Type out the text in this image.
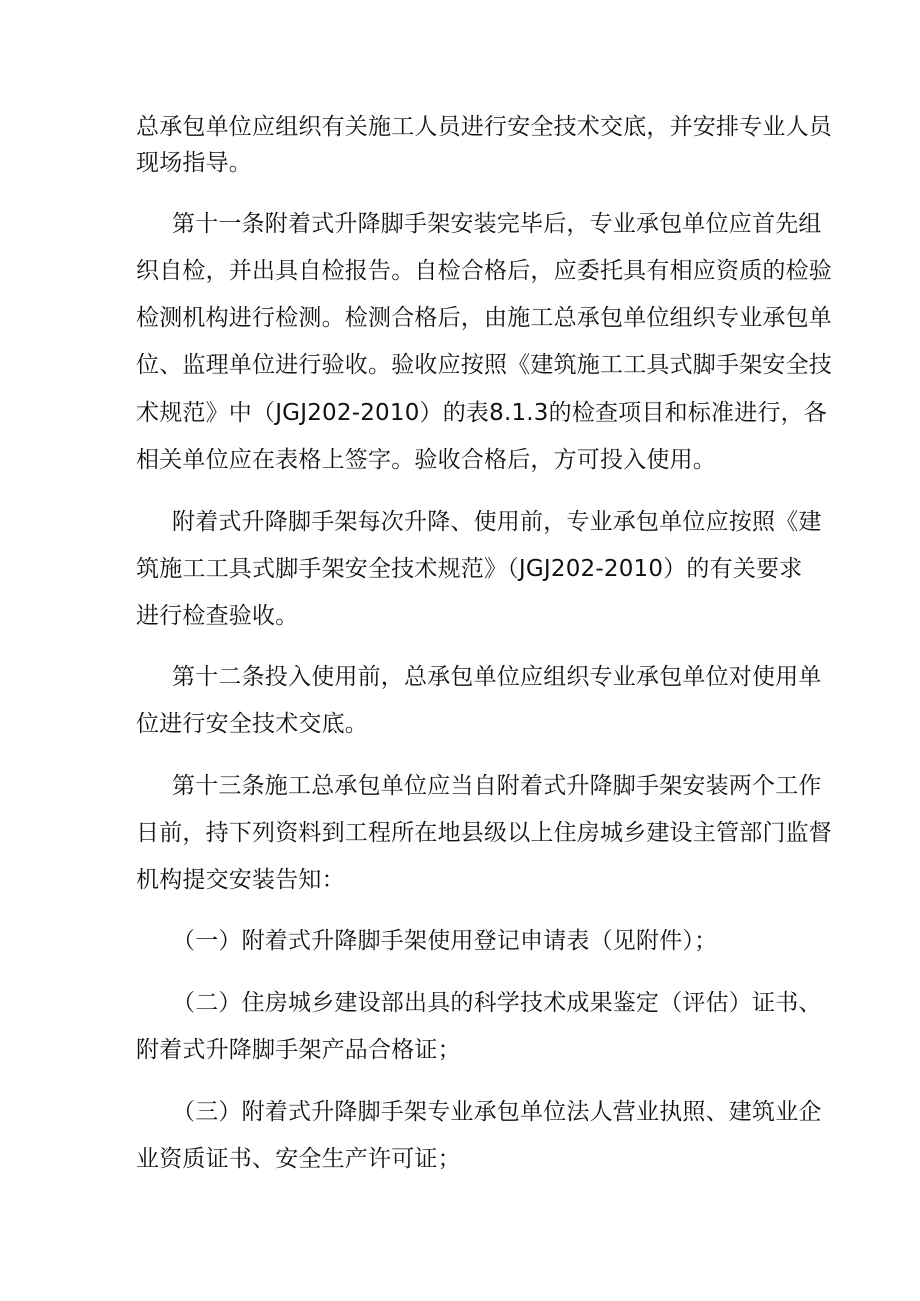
总承包单位应组织有关施工人员进行安全技术交底，并安排专业人员
现场指导。
第十一条附着式升降脚手架安装完毕后，专业承包单位应首先组
织自检，并出具自检报告。自检合格后，应委托具有相应资质的检验
检测机构进行检测。检测合格后，由施工总承包单位组织专业承包单
位、监理单位进行验收。验收应按照《建筑施工工具式脚手架安全技
术规范》中（JGJ202-2010）的表8.1.3的检查项目和标准进行，各
相关单位应在表格上签字。验收合格后，方可投入使用。
附着式升降脚手架每次升降、使用前，专业承包单位应按照《建
筑施工工具式脚手架安全技术规范》（JGJ202-2010）的有关要求
进行检查验收。
第十二条投入使用前，总承包单位应组织专业承包单位对使用单
位进行安全技术交底。
第十三条施工总承包单位应当自附着式升降脚手架安装两个工作
日前，持下列资料到工程所在地县级以上住房城乡建设主管部门监督
机构提交安装告知：
（一）附着式升降脚手架使用登记申请表（见附件）；
（二）住房城乡建设部出具的科学技术成果鉴定（评估）证书、
附着式升降脚手架产品合格证；
（三）附着式升降脚手架专业承包单位法人营业执照、建筑业企
业资质证书、安全生产许可证；
